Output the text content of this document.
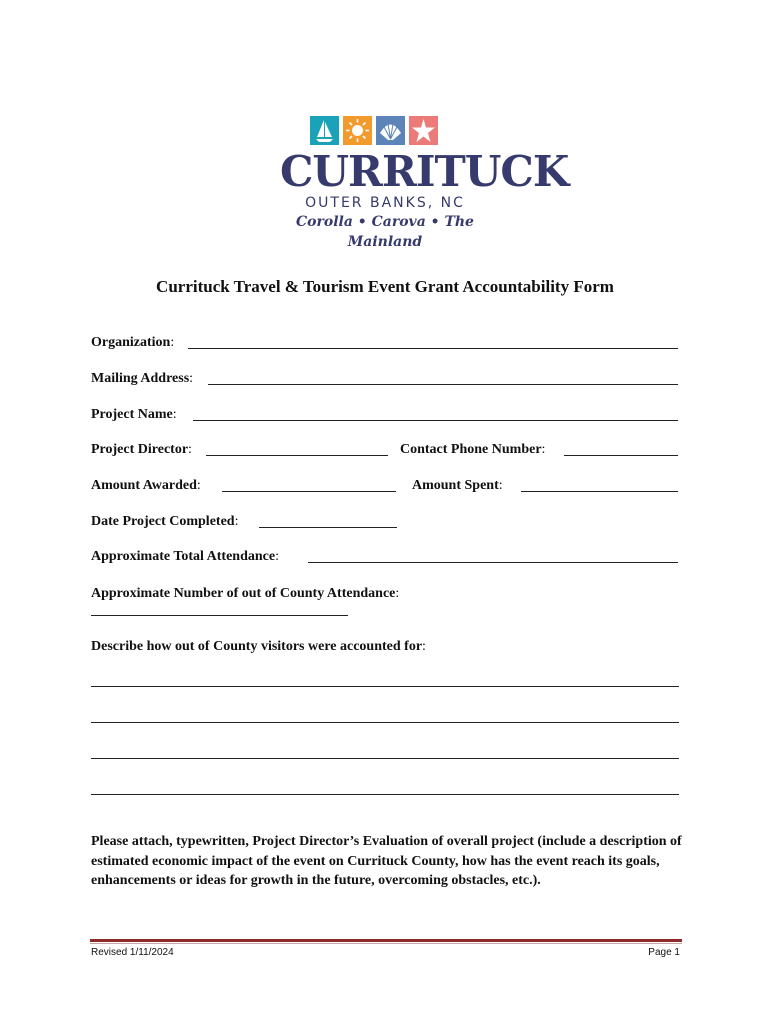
CURRITUCK
OUTER BANKS, NC
Corolla • Carova • The Mainland
Currituck Travel & Tourism Event Grant Accountability Form
Organization:
Mailing Address:
Project Name:
Project Director:	Contact Phone Number:
Amount Awarded:	Amount Spent:
Date Project Completed:
Approximate Total Attendance:
Approximate Number of out of County Attendance:
Describe how out of County visitors were accounted for:
Please attach, typewritten, Project Director’s Evaluation of overall project (include a description of estimated economic impact of the event on Currituck County, how has the event reach its goals, enhancements or ideas for growth in the future, overcoming obstacles, etc.).
Revised 1/11/2024	Page 1
